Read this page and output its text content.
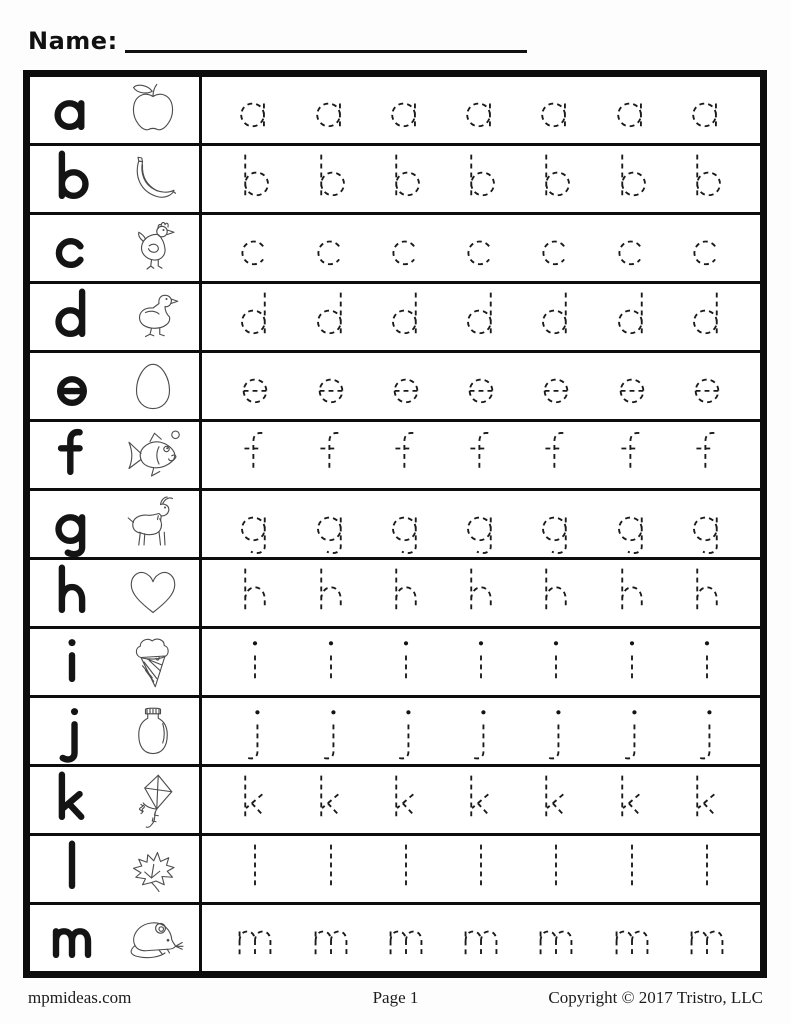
Name:
mpmideas.com	Page 1	Copyright © 2017 Tristro, LLC
